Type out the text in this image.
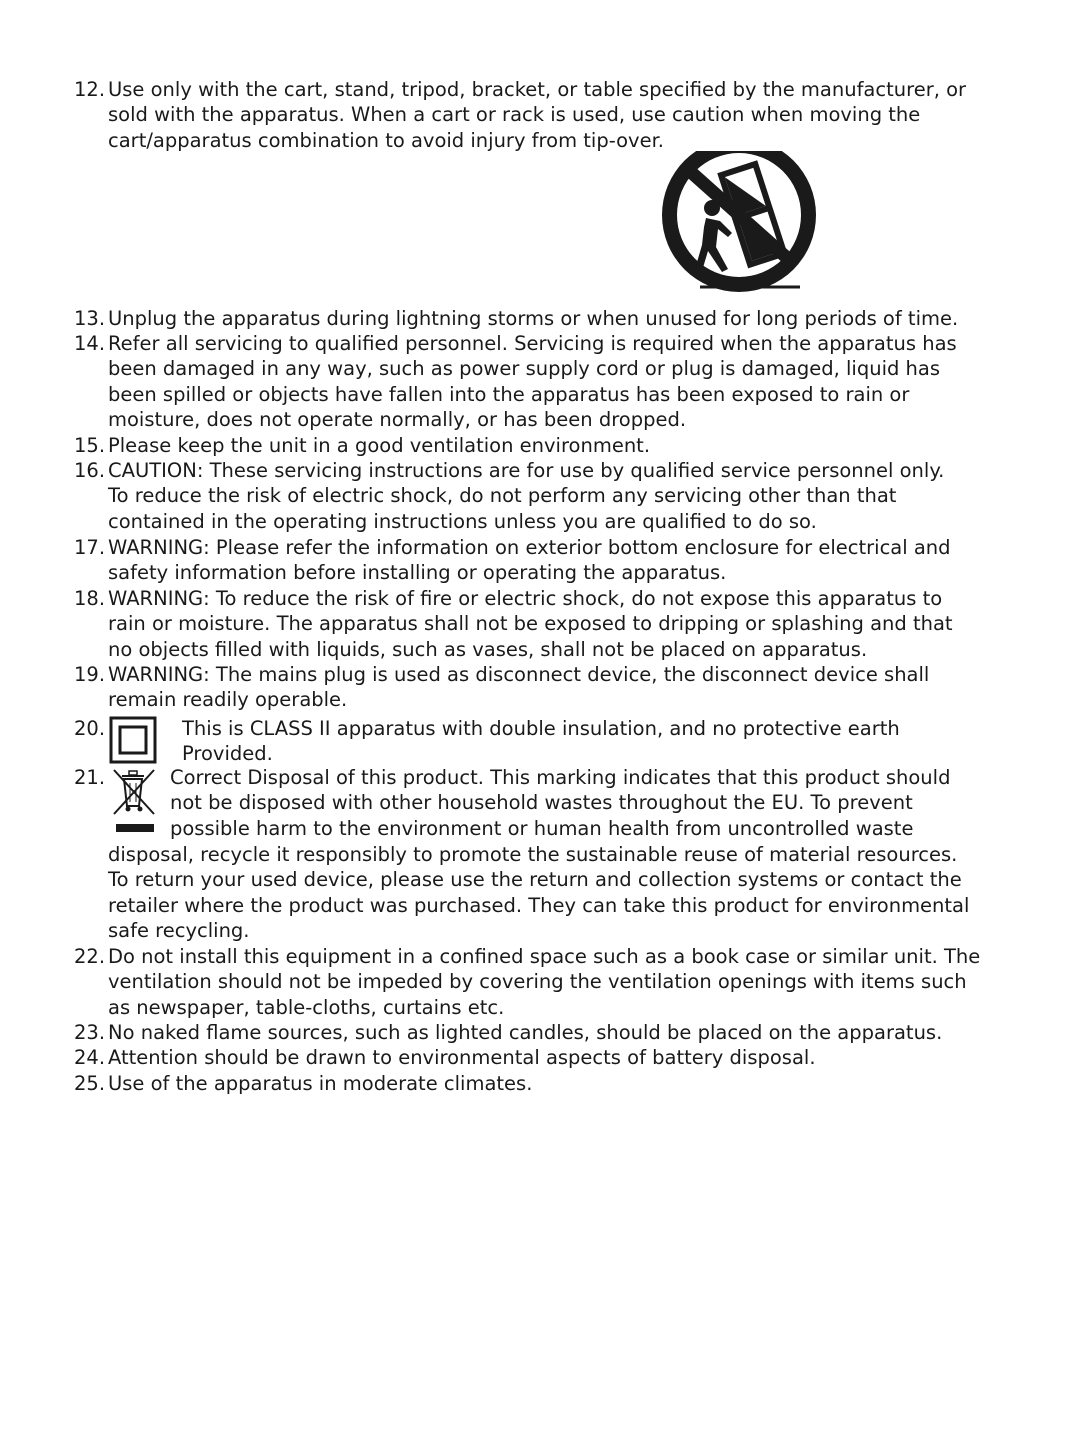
12. Use only with the cart, stand, tripod, bracket, or table specified by the manufacturer, or
sold with the apparatus. When a cart or rack is used, use caution when moving the
cart/apparatus combination to avoid injury from tip-over.
13. Unplug the apparatus during lightning storms or when unused for long periods of time.
14. Refer all servicing to qualified personnel. Servicing is required when the apparatus has
been damaged in any way, such as power supply cord or plug is damaged, liquid has
been spilled or objects have fallen into the apparatus has been exposed to rain or
moisture, does not operate normally, or has been dropped.
15. Please keep the unit in a good ventilation environment.
16. CAUTION: These servicing instructions are for use by qualified service personnel only.
To reduce the risk of electric shock, do not perform any servicing other than that
contained in the operating instructions unless you are qualified to do so.
17. WARNING: Please refer the information on exterior bottom enclosure for electrical and
safety information before installing or operating the apparatus.
18. WARNING: To reduce the risk of fire or electric shock, do not expose this apparatus to
rain or moisture. The apparatus shall not be exposed to dripping or splashing and that
no objects filled with liquids, such as vases, shall not be placed on apparatus.
19. WARNING: The mains plug is used as disconnect device, the disconnect device shall
remain readily operable.
20.	This is CLASS II apparatus with double insulation, and no protective earth
Provided.
21.	Correct Disposal of this product. This marking indicates that this product should
not be disposed with other household wastes throughout the EU. To prevent
possible harm to the environment or human health from uncontrolled waste
disposal, recycle it responsibly to promote the sustainable reuse of material resources.
To return your used device, please use the return and collection systems or contact the
retailer where the product was purchased. They can take this product for environmental
safe recycling.
22. Do not install this equipment in a confined space such as a book case or similar unit. The
ventilation should not be impeded by covering the ventilation openings with items such
as newspaper, table-cloths, curtains etc.
23. No naked flame sources, such as lighted candles, should be placed on the apparatus.
24. Attention should be drawn to environmental aspects of battery disposal.
25. Use of the apparatus in moderate climates.
